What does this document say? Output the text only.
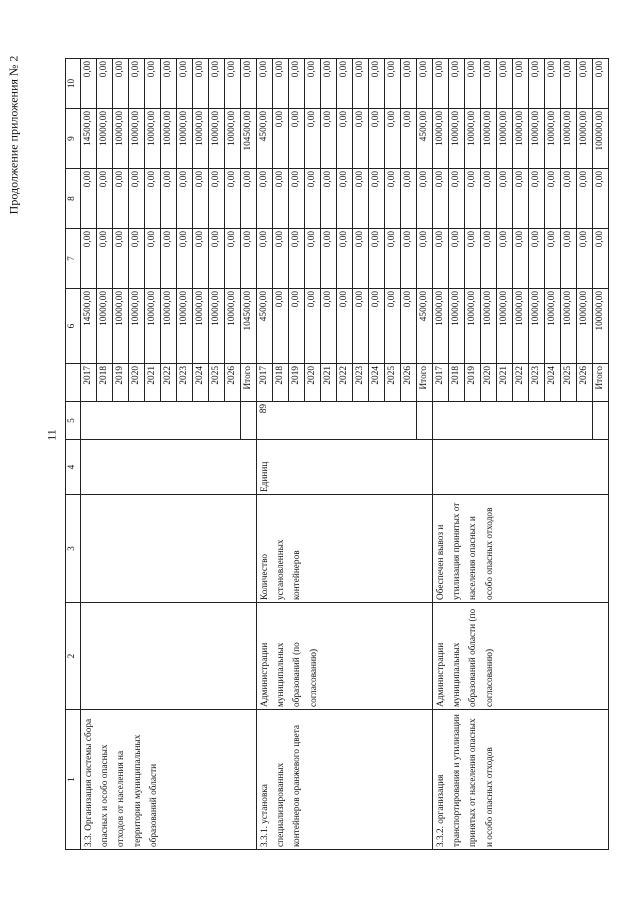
11
Продолжение приложения № 2
1	2	3	4	5		6	7	8	9	10
3.3. Организация системы сбора опасных и особо опасных отходов от населения на территории муниципальных образований области					2017	14500,00	0,00	0,00	14500,00	0,00
					2018	10000,00	0,00	0,00	10000,00	0,00
					2019	10000,00	0,00	0,00	10000,00	0,00
					2020	10000,00	0,00	0,00	10000,00	0,00
					2021	10000,00	0,00	0,00	10000,00	0,00
					2022	10000,00	0,00	0,00	10000,00	0,00
					2023	10000,00	0,00	0,00	10000,00	0,00
					2024	10000,00	0,00	0,00	10000,00	0,00
					2025	10000,00	0,00	0,00	10000,00	0,00
					2026	10000,00	0,00	0,00	10000,00	0,00
					Итого	104500,00	0,00	0,00	104500,00	0,00
3.3.1. установка специализированных контейнеров оранжевого цвета	Администрации муниципальных образований (по согласованию)	Количество установленных контейнеров	Единиц	89	2017	4500,00	0,00	0,00	4500,00	0,00
					2018	0,00	0,00	0,00	0,00	0,00
					2019	0,00	0,00	0,00	0,00	0,00
					2020	0,00	0,00	0,00	0,00	0,00
					2021	0,00	0,00	0,00	0,00	0,00
					2022	0,00	0,00	0,00	0,00	0,00
					2023	0,00	0,00	0,00	0,00	0,00
					2024	0,00	0,00	0,00	0,00	0,00
					2025	0,00	0,00	0,00	0,00	0,00
					2026	0,00	0,00	0,00	0,00	0,00
					Итого	4500,00	0,00	0,00	4500,00	0,00
3.3.2. организация транспортирования и утилизации принятых от населения опасных и особо опасных отходов	Администрации муниципальных образований области (по согласованию)	Обеспечен вывоз и утилизация принятых от населения опасных и особо опасных отходов			2017	10000,00	0,00	0,00	10000,00	0,00
					2018	10000,00	0,00	0,00	10000,00	0,00
					2019	10000,00	0,00	0,00	10000,00	0,00
					2020	10000,00	0,00	0,00	10000,00	0,00
					2021	10000,00	0,00	0,00	10000,00	0,00
					2022	10000,00	0,00	0,00	10000,00	0,00
					2023	10000,00	0,00	0,00	10000,00	0,00
					2024	10000,00	0,00	0,00	10000,00	0,00
					2025	10000,00	0,00	0,00	10000,00	0,00
					2026	10000,00	0,00	0,00	10000,00	0,00
					Итого	100000,00	0,00	0,00	100000,00	0,00
